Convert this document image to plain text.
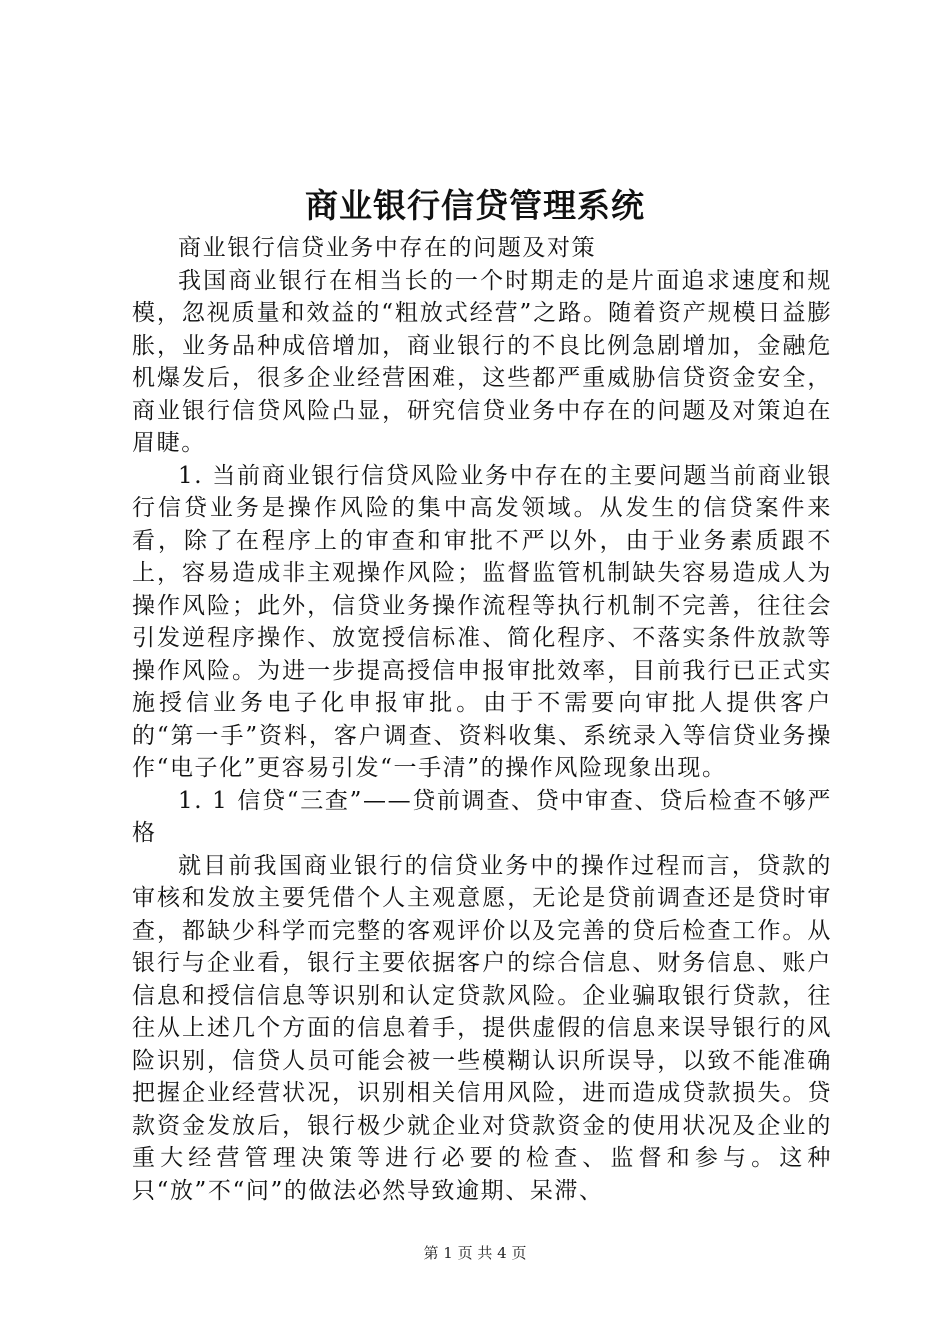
商业银行信贷管理系统

商业银行信贷业务中存在的问题及对策

我国商业银行在相当长的一个时期走的是片面追求速度和规模，忽视质量和效益的“粗放式经营”之路。随着资产规模日益膨胀，业务品种成倍增加，商业银行的不良比例急剧增加，金融危机爆发后，很多企业经营困难，这些都严重威胁信贷资金安全，商业银行信贷风险凸显，研究信贷业务中存在的问题及对策迫在眉睫。

1. 当前商业银行信贷风险业务中存在的主要问题当前商业银行信贷业务是操作风险的集中高发领域。从发生的信贷案件来看，除了在程序上的审查和审批不严以外，由于业务素质跟不上，容易造成非主观操作风险；监督监管机制缺失容易造成人为操作风险；此外，信贷业务操作流程等执行机制不完善，往往会引发逆程序操作、放宽授信标准、简化程序、不落实条件放款等操作风险。为进一步提高授信申报审批效率，目前我行已正式实施授信业务电子化申报审批。由于不需要向审批人提供客户的“第一手”资料，客户调查、资料收集、系统录入等信贷业务操作“电子化”更容易引发“一手清”的操作风险现象出现。

1. 1 信贷“三查”——贷前调查、贷中审查、贷后检查不够严格

就目前我国商业银行的信贷业务中的操作过程而言，贷款的审核和发放主要凭借个人主观意愿，无论是贷前调查还是贷时审查，都缺少科学而完整的客观评价以及完善的贷后检查工作。从银行与企业看，银行主要依据客户的综合信息、财务信息、账户信息和授信信息等识别和认定贷款风险。企业骗取银行贷款，往往从上述几个方面的信息着手，提供虚假的信息来误导银行的风险识别，信贷人员可能会被一些模糊认识所误导，以致不能准确把握企业经营状况，识别相关信用风险，进而造成贷款损失。贷款资金发放后，银行极少就企业对贷款资金的使用状况及企业的重大经营管理决策等进行必要的检查、监督和参与。这种只“放”不“问”的做法必然导致逾期、呆滞、

第 1 页 共 4 页
